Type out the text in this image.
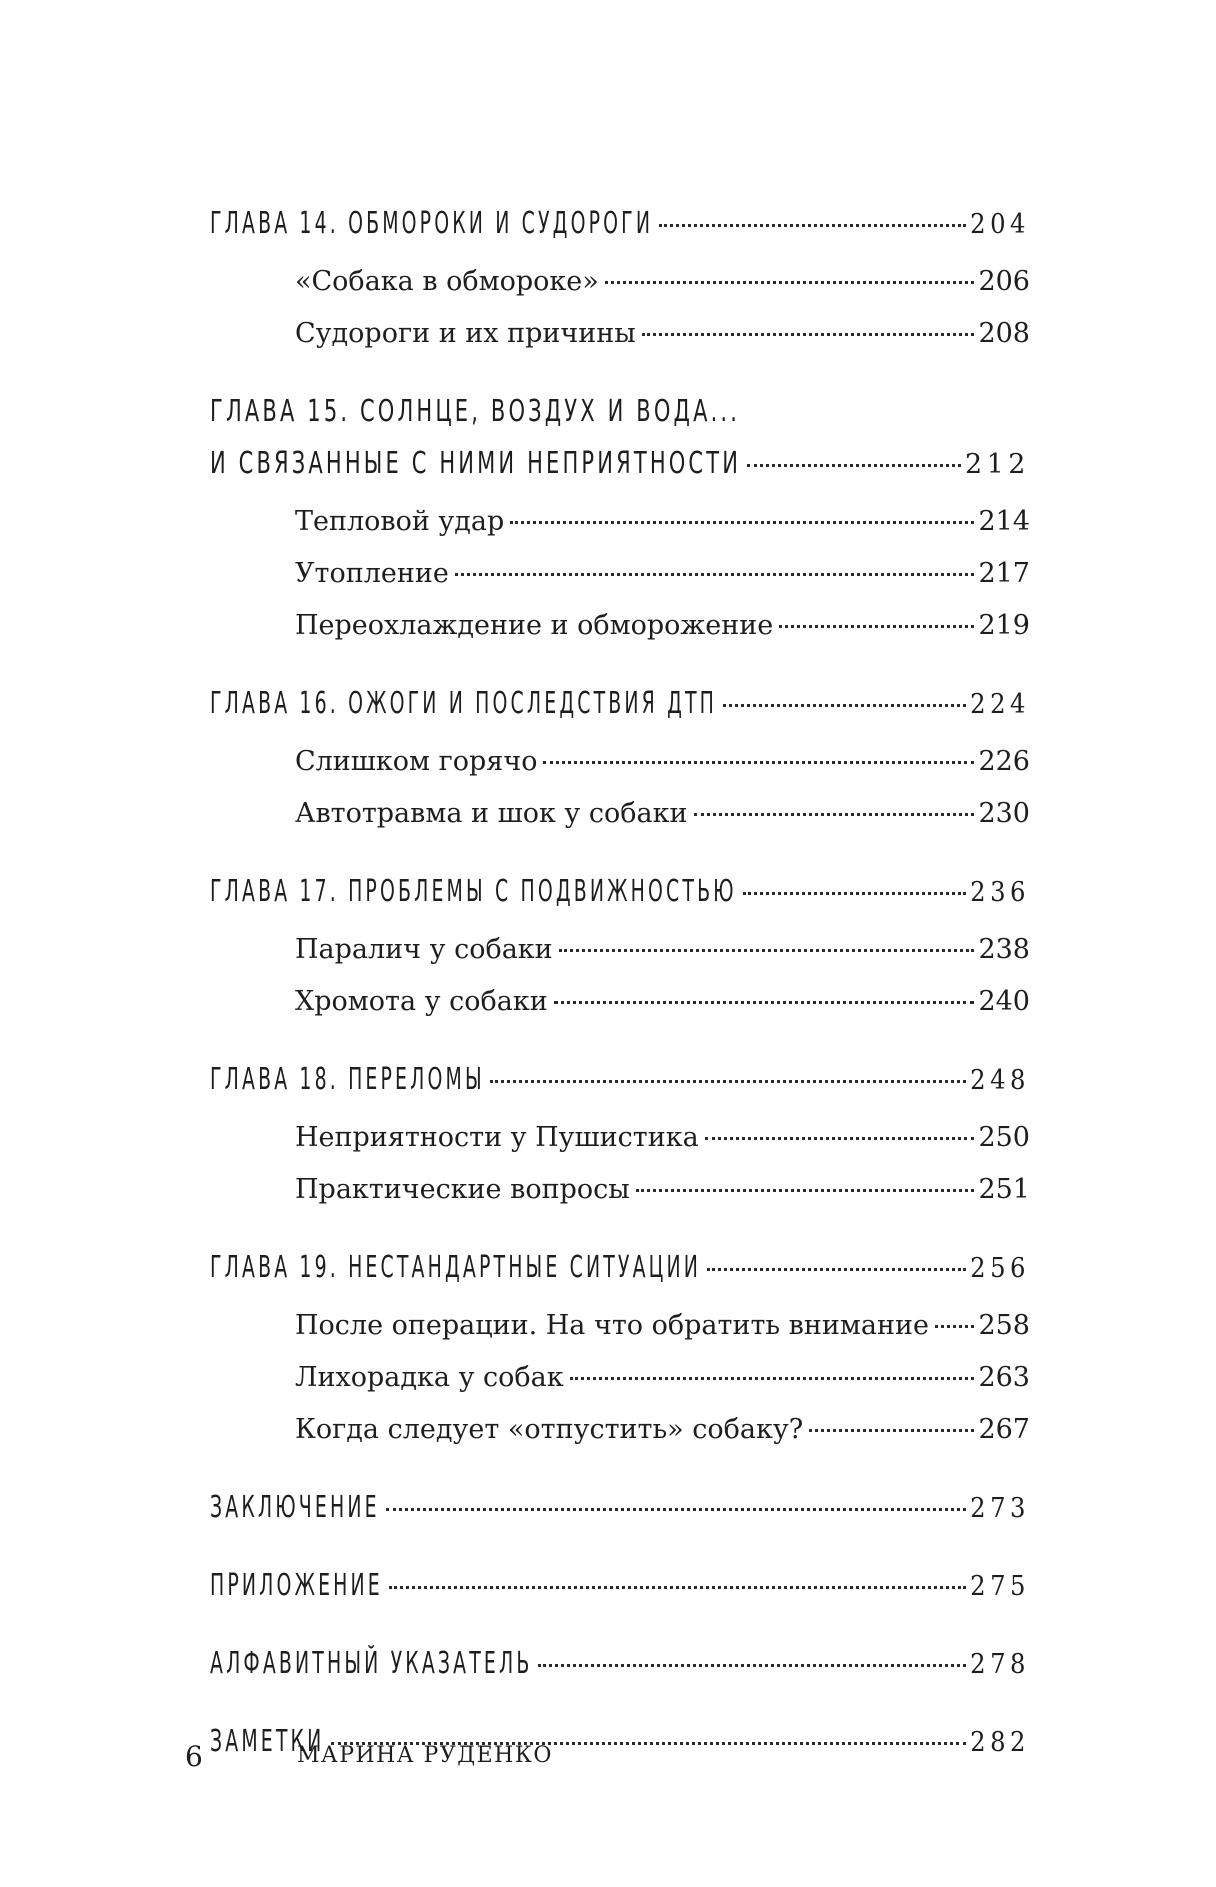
ГЛАВА 14. ОБМОРОКИ И СУДОРОГИ	204
«Собака в обмороке»	206
Судороги и их причины	208
ГЛАВА 15. СОЛНЦЕ, ВОЗДУХ И ВОДА...
И СВЯЗАННЫЕ С НИМИ НЕПРИЯТНОСТИ	212
Тепловой удар	214
Утопление	217
Переохлаждение и обморожение	219
ГЛАВА 16. ОЖОГИ И ПОСЛЕДСТВИЯ ДТП	224
Слишком горячо	226
Автотравма и шок у собаки	230
ГЛАВА 17. ПРОБЛЕМЫ С ПОДВИЖНОСТЬЮ	236
Паралич у собаки	238
Хромота у собаки	240
ГЛАВА 18. ПЕРЕЛОМЫ	248
Неприятности у Пушистика	250
Практические вопросы	251
ГЛАВА 19. НЕСТАНДАРТНЫЕ СИТУАЦИИ	256
После операции. На что обратить внимание 258
Лихорадка у собак	263
Когда следует «отпустить» собаку?	267
ЗАКЛЮЧЕНИЕ	273
ПРИЛОЖЕНИЕ	275
АЛФАВИТНЫЙ УКАЗАТЕЛЬ	278
ЗАМЕТКИ	282
6	МАРИНА РУДЕНКО
